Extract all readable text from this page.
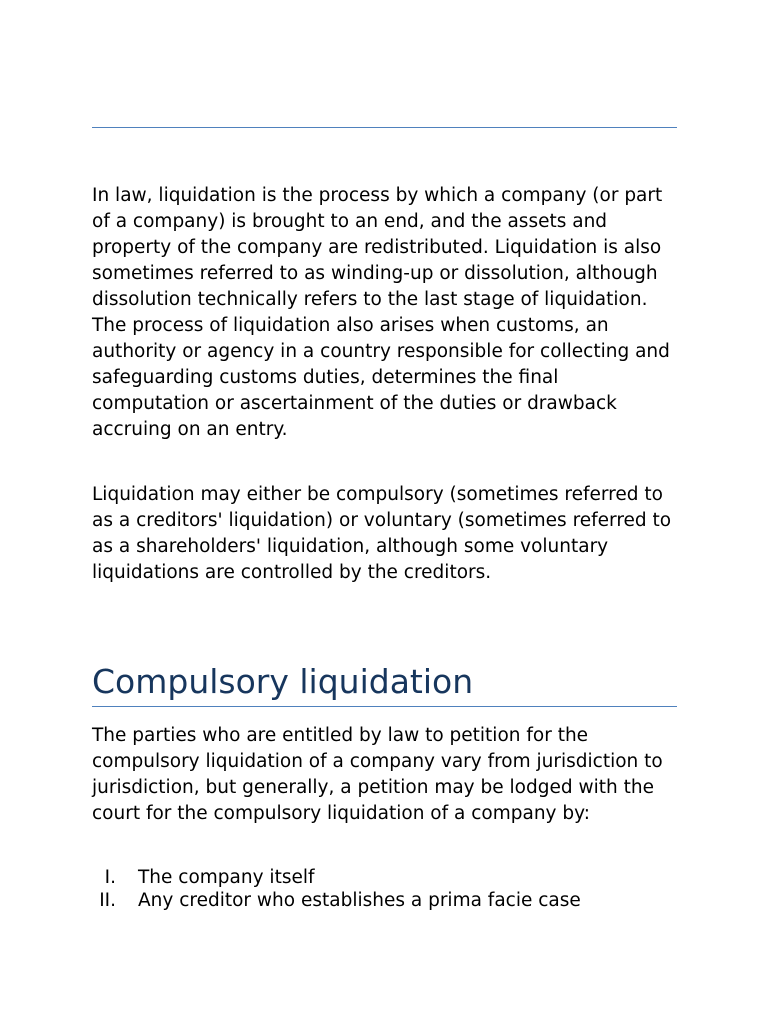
In law, liquidation is the process by which a company (or part of a company) is brought to an end, and the assets and property of the company are redistributed. Liquidation is also sometimes referred to as winding-up or dissolution, although dissolution technically refers to the last stage of liquidation. The process of liquidation also arises when customs, an authority or agency in a country responsible for collecting and safeguarding customs duties, determines the final computation or ascertainment of the duties or drawback accruing on an entry.

Liquidation may either be compulsory (sometimes referred to as a creditors' liquidation) or voluntary (sometimes referred to as a shareholders' liquidation, although some voluntary liquidations are controlled by the creditors.

Compulsory liquidation

The parties who are entitled by law to petition for the compulsory liquidation of a company vary from jurisdiction to jurisdiction, but generally, a petition may be lodged with the court for the compulsory liquidation of a company by:

I. The company itself
II. Any creditor who establishes a prima facie case
